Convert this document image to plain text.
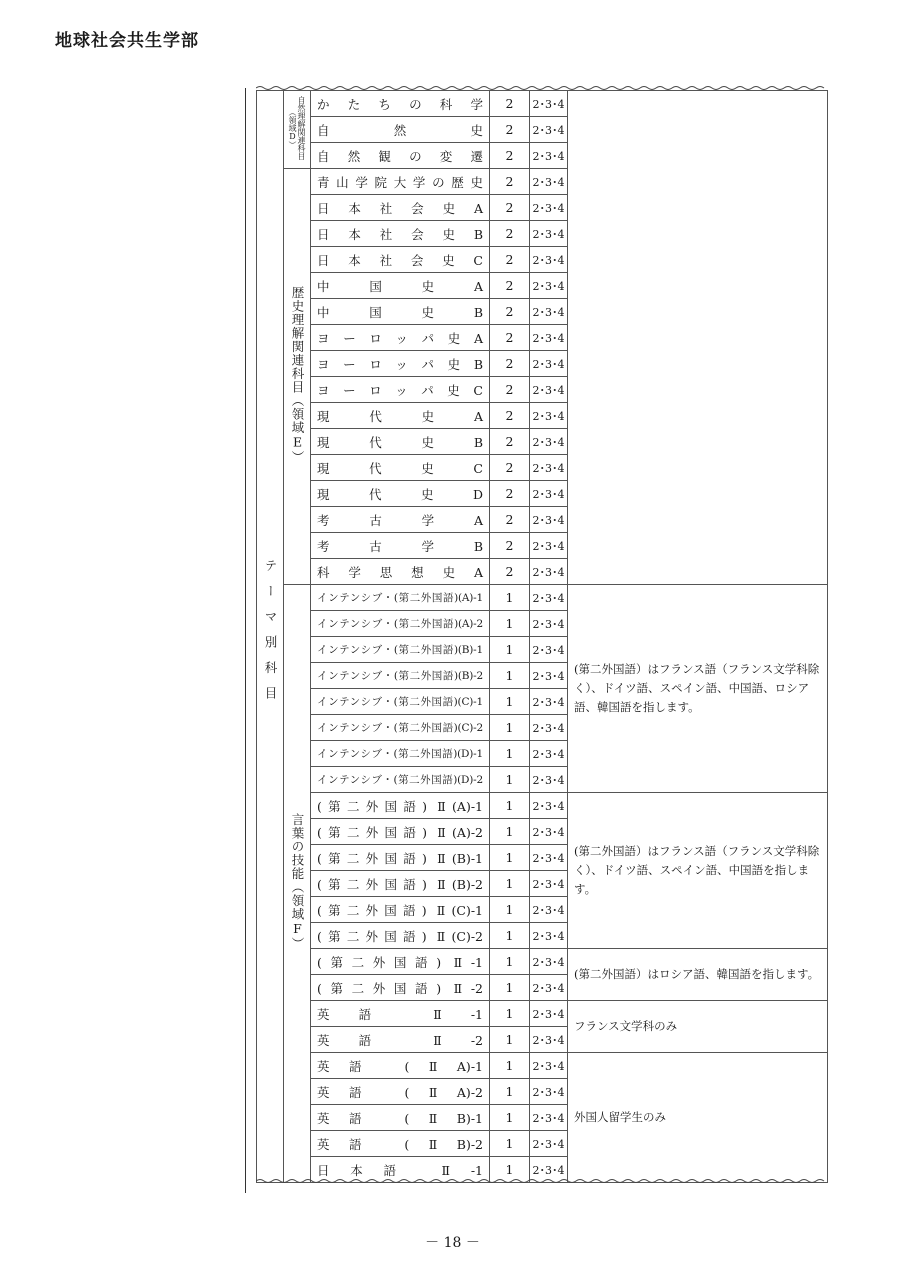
地球社会共生学部
テーマ別科目	自然理解関連科目（領域D）	かたちの科学	2	2･3･4	
		自然史	2	2･3･4	
		自然観の変遷	2	2･3･4	
	歴史理解関連科目（領域E）	青山学院大学の歴史	2	2･3･4	
		日本社会史A	2	2･3･4	
		日本社会史B	2	2･3･4	
		日本社会史C	2	2･3･4	
		中国史A	2	2･3･4	
		中国史B	2	2･3･4	
		ヨーロッパ史A	2	2･3･4	
		ヨーロッパ史B	2	2･3･4	
		ヨーロッパ史C	2	2･3･4	
		現代史A	2	2･3･4	
		現代史B	2	2･3･4	
		現代史C	2	2･3･4	
		現代史D	2	2･3･4	
		考古学A	2	2･3･4	
		考古学B	2	2･3･4	
		科学思想史A	2	2･3･4	
	言葉の技能（領域F）	インテンシブ・(第二外国語)(A)-1	1	2･3･4	(第二外国語）はフランス語（フランス文学科除く）、ドイツ語、スペイン語、中国語、ロシア語、韓国語を指します。
		インテンシブ・(第二外国語)(A)-2	1	2･3･4	
		インテンシブ・(第二外国語)(B)-1	1	2･3･4	
		インテンシブ・(第二外国語)(B)-2	1	2･3･4	
		インテンシブ・(第二外国語)(C)-1	1	2･3･4	
		インテンシブ・(第二外国語)(C)-2	1	2･3･4	
		インテンシブ・(第二外国語)(D)-1	1	2･3･4	
		インテンシブ・(第二外国語)(D)-2	1	2･3･4	
		(第二外国語) Ⅱ(A)-1	1	2･3･4	(第二外国語）はフランス語（フランス文学科除く）、ドイツ語、スペイン語、中国語を指します。
		(第二外国語) Ⅱ(A)-2	1	2･3･4	
		(第二外国語) Ⅱ(B)-1	1	2･3･4	
		(第二外国語) Ⅱ(B)-2	1	2･3･4	
		(第二外国語) Ⅱ(C)-1	1	2･3･4	
		(第二外国語) Ⅱ(C)-2	1	2･3･4	
		(第二外国語) Ⅱ-1	1	2･3･4	(第二外国語）はロシア語、韓国語を指します。
		(第二外国語) Ⅱ-2	1	2･3･4	
		英語 Ⅱ-1	1	2･3･4	フランス文学科のみ
		英語 Ⅱ-2	1	2･3･4	
		英語 (ⅡA)-1	1	2･3･4	外国人留学生のみ
		英語 (ⅡA)-2	1	2･3･4	
		英語 (ⅡB)-1	1	2･3･4	
		英語 (ⅡB)-2	1	2･3･4	
		日本語 Ⅱ-1	1	2･3･4	
－ 18 －
